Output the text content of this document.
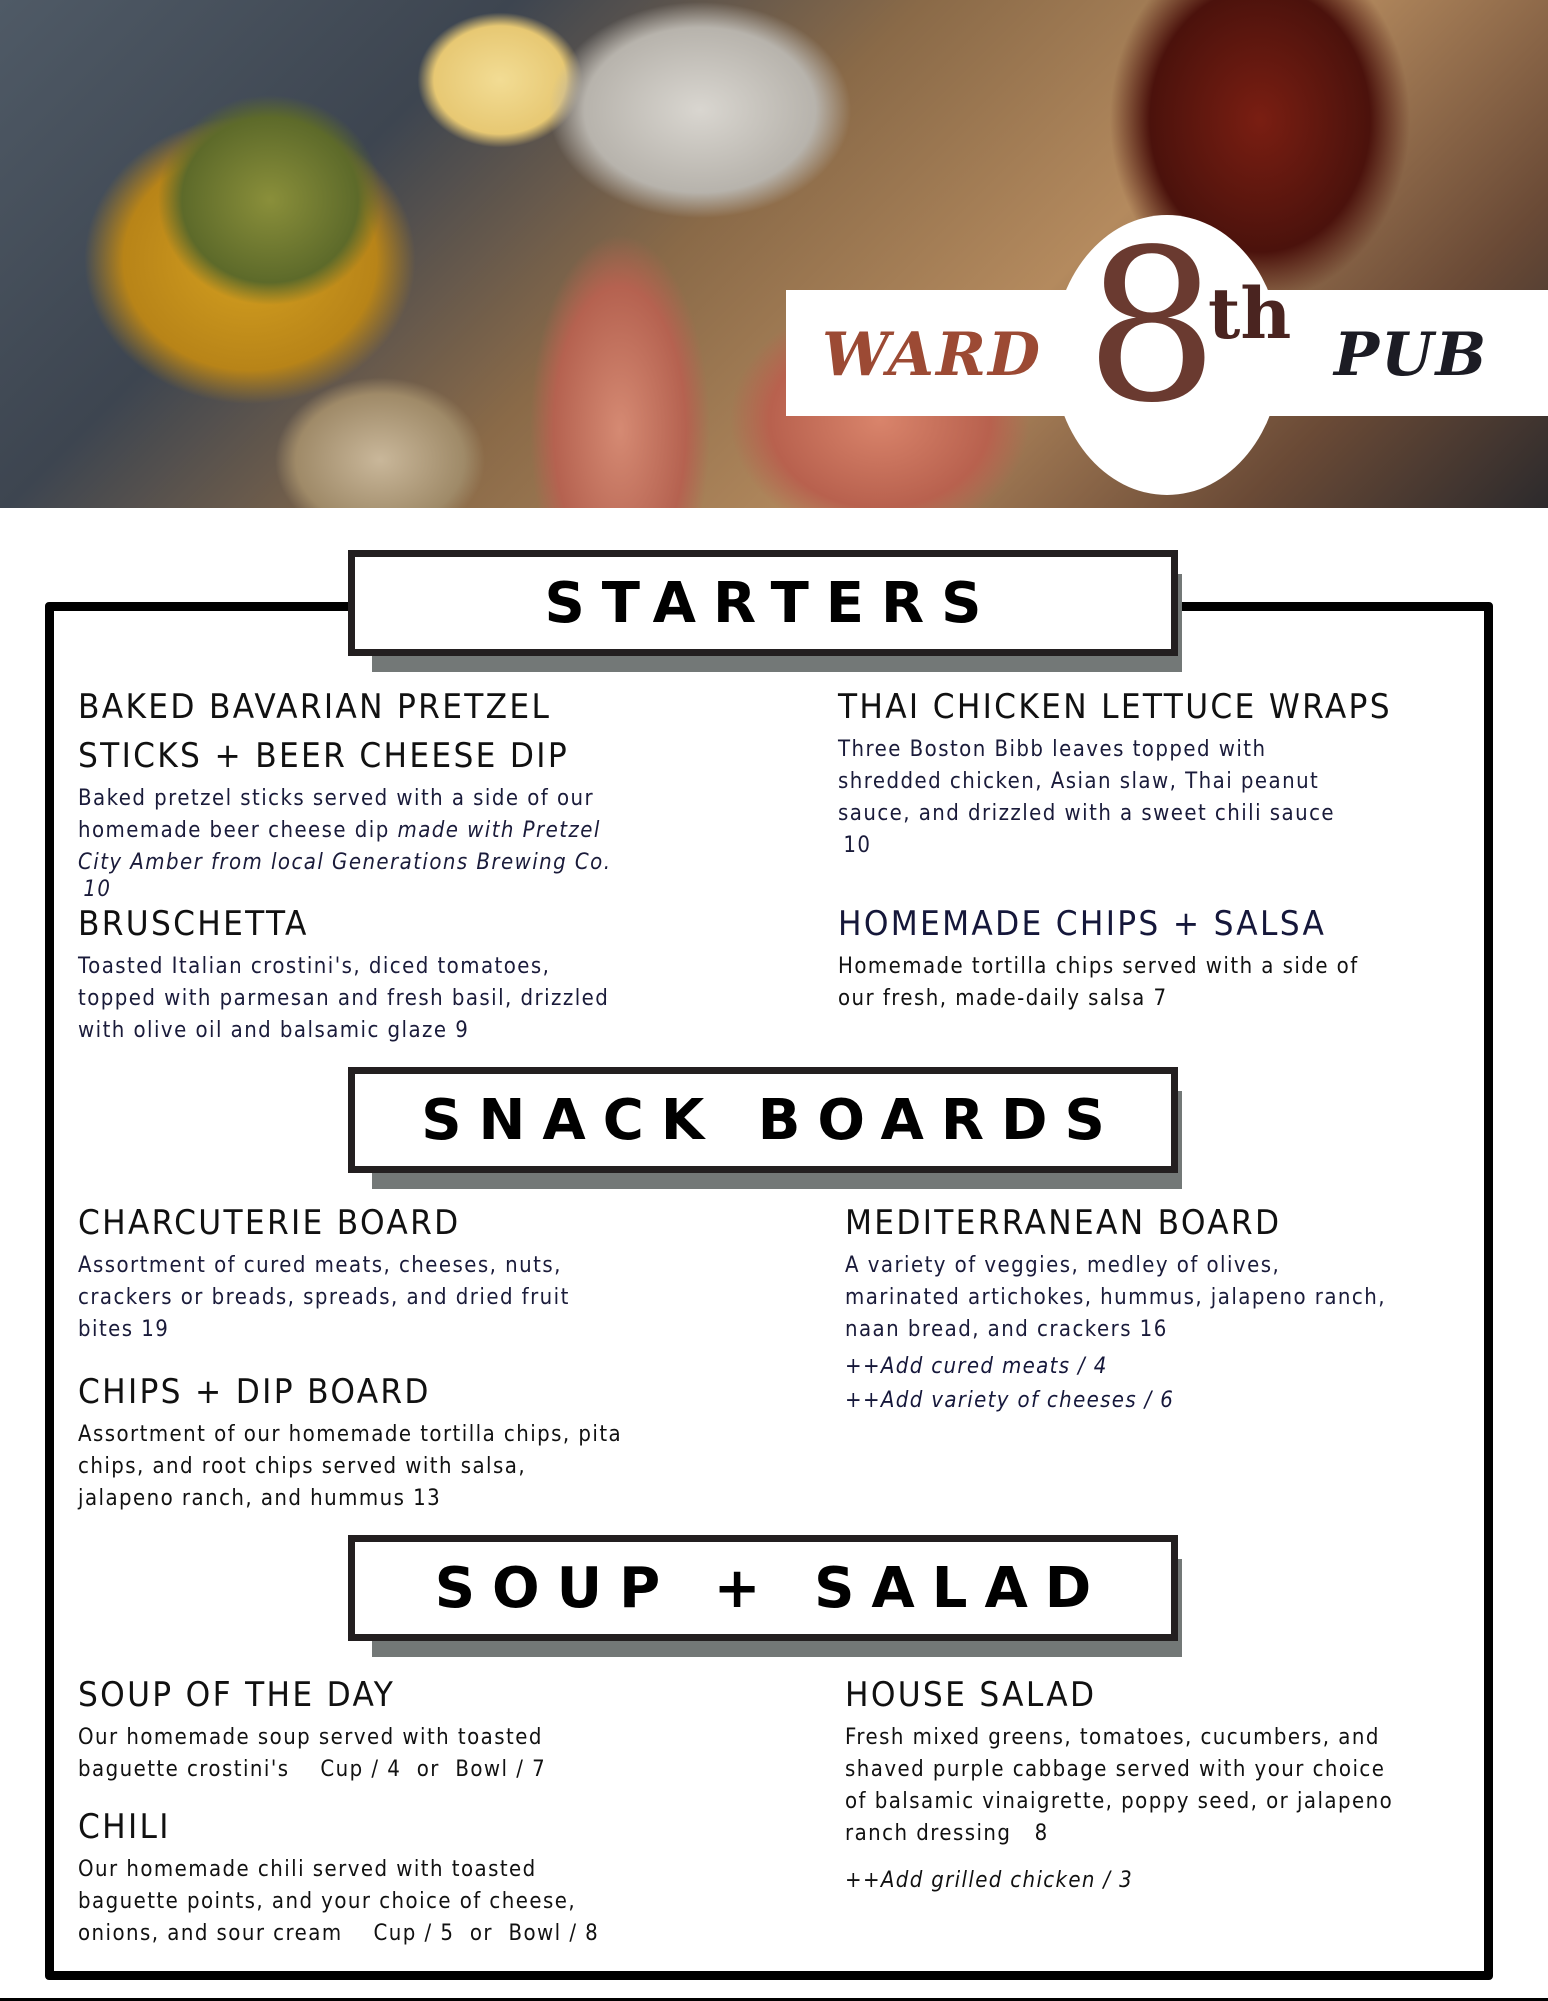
WARD 8
th PUB
STARTERS
BAKED BAVARIAN PRETZEL
STICKS + BEER CHEESE DIP
Baked pretzel sticks served with a side of our
homemade beer cheese dip made with Pretzel
City Amber from local Generations Brewing Co.
10
THAI CHICKEN LETTUCE WRAPS
Three Boston Bibb leaves topped with
shredded chicken, Asian slaw, Thai peanut
sauce, and drizzled with a sweet chili sauce
10
BRUSCHETTA
Toasted Italian crostini's, diced tomatoes,
topped with parmesan and fresh basil, drizzled
with olive oil and balsamic glaze 9
HOMEMADE CHIPS + SALSA
Homemade tortilla chips served with a side of
our fresh, made-daily salsa 7
SNACK BOARDS
CHARCUTERIE BOARD
Assortment of cured meats, cheeses, nuts,
crackers or breads, spreads, and dried fruit
bites 19
MEDITERRANEAN BOARD
A variety of veggies, medley of olives,
marinated artichokes, hummus, jalapeno ranch,
naan bread, and crackers 16
++Add cured meats / 4
++Add variety of cheeses / 6
CHIPS + DIP BOARD
Assortment of our homemade tortilla chips, pita
chips, and root chips served with salsa,
jalapeno ranch, and hummus 13
SOUP + SALAD
SOUP OF THE DAY
Our homemade soup served with toasted
baguette crostini's    Cup / 4  or  Bowl / 7
HOUSE SALAD
Fresh mixed greens, tomatoes, cucumbers, and
shaved purple cabbage served with your choice
of balsamic vinaigrette, poppy seed, or jalapeno
ranch dressing   8
++Add grilled chicken / 3
CHILI
Our homemade chili served with toasted
baguette points, and your choice of cheese,
onions, and sour cream    Cup / 5  or  Bowl / 8
